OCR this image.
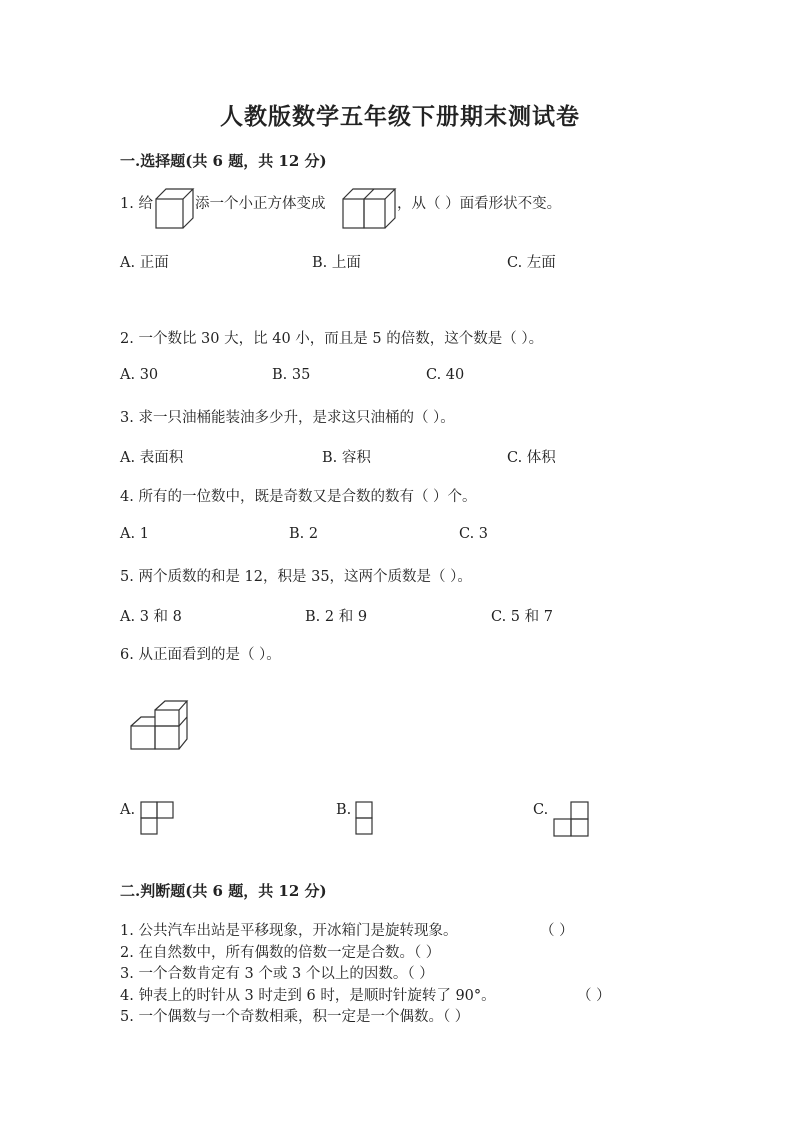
人教版数学五年级下册期末测试卷
一.选择题(共 6 题，共 12 分)
1. 给	添一个小正方体变成	，从（ ）面看形状不变。
A. 正面	B. 上面	C. 左面
2. 一个数比 30 大，比 40 小，而且是 5 的倍数，这个数是（ ）。
A. 30	B. 35	C. 40
3. 求一只油桶能装油多少升，是求这只油桶的（ ）。
A. 表面积	B. 容积	C. 体积
4. 所有的一位数中，既是奇数又是合数的数有（ ）个。
A. 1	B. 2	C. 3
5. 两个质数的和是 12，积是 35，这两个质数是（ ）。
A. 3 和 8	B. 2 和 9	C. 5 和 7
6. 从正面看到的是（ ）。
A.	B.	C.
二.判断题(共 6 题，共 12 分)
1. 公共汽车出站是平移现象，开冰箱门是旋转现象。	（ ）
2. 在自然数中，所有偶数的倍数一定是合数。（ ）
3. 一个合数肯定有 3 个或 3 个以上的因数。（ ）
4. 钟表上的时针从 3 时走到 6 时，是顺时针旋转了 90°。	（ ）
5. 一个偶数与一个奇数相乘，积一定是一个偶数。（ ）
